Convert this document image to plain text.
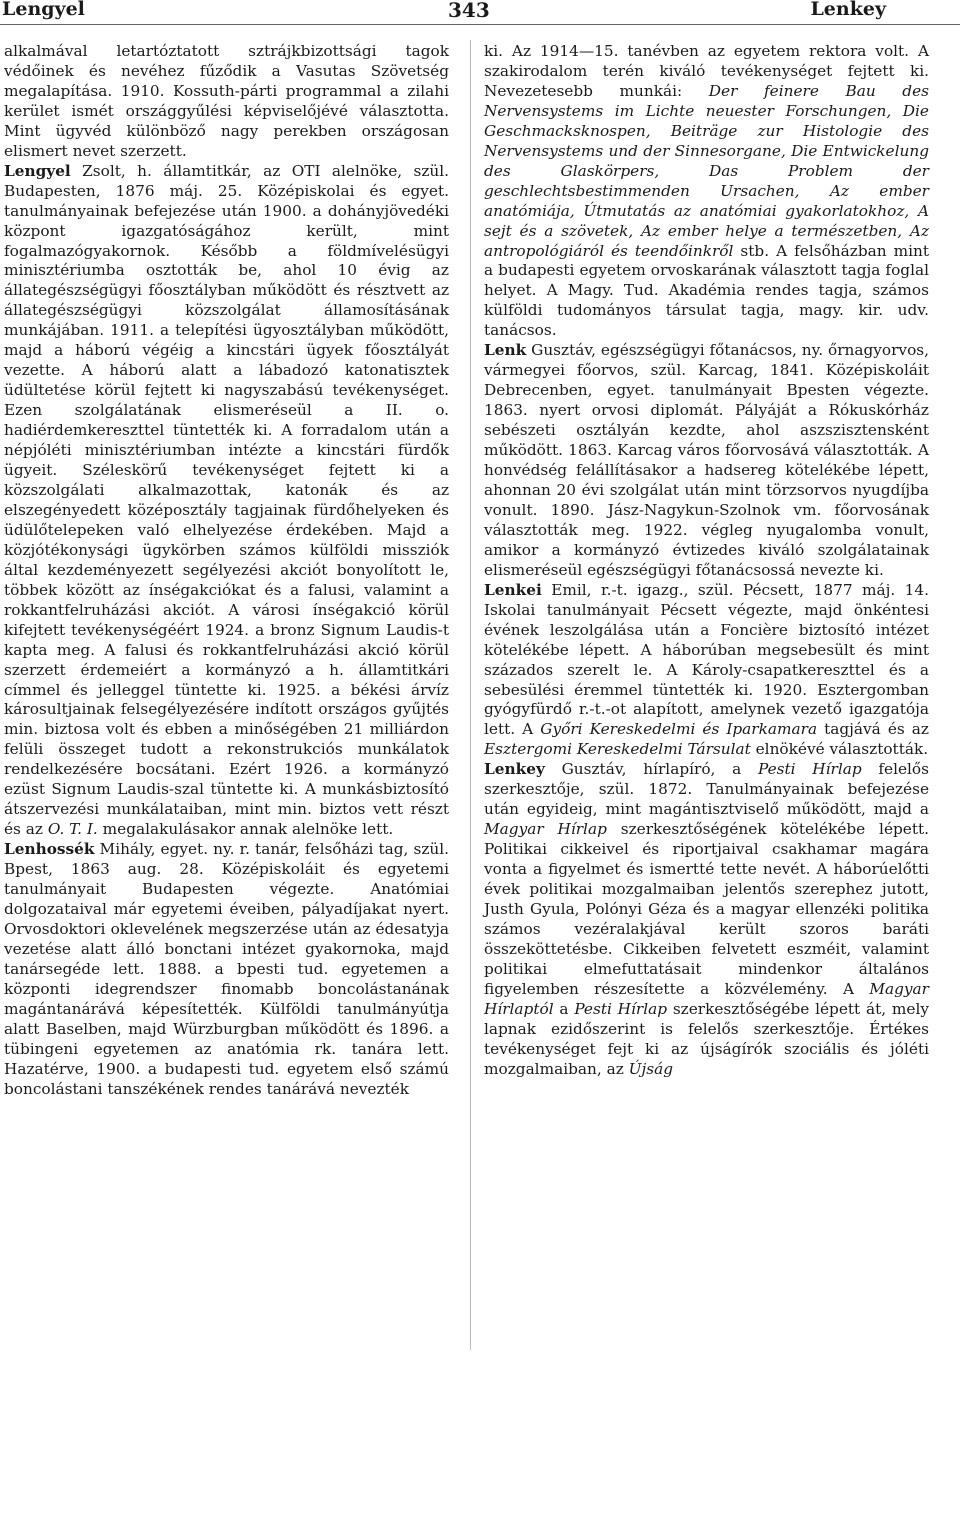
Lengyel	343	Lenkey

alkalmával letartóztatott sztrájkbizottsági tagok védőinek és nevéhez fűződik a Vasutas Szövetség megalapítása. 1910. Kossuth-párti programmal a zilahi kerület ismét országgyűlési képviselőjévé választotta. Mint ügyvéd különböző nagy perekben országosan elismert nevet szerzett.

Lengyel Zsolt, h. államtitkár, az OTI alelnöke, szül. Budapesten, 1876 máj. 25. Középiskolai és egyet. tanulmányainak befejezése után 1900. a dohányjövedéki központ igazgatóságához került, mint fogalmazógyakornok. Később a földmívelésügyi minisztériumba osztották be, ahol 10 évig az állategészségügyi főosztályban működött és résztvett az állategészségügyi közszolgálat államosításának munkájában. 1911. a telepítési ügyosztályban működött, majd a háború végéig a kincstári ügyek főosztályát vezette. A háború alatt a lábadozó katonatisztek üdültetése körül fejtett ki nagyszabású tevékenységet. Ezen szolgálatának elismeréseül a II. o. hadiérdemkereszttel tüntették ki. A forradalom után a népjóléti minisztériumban intézte a kincstári fürdők ügyeit. Széleskörű tevékenységet fejtett ki a közszolgálati alkalmazottak, katonák és az elszegényedett középosztály tagjainak fürdőhelyeken és üdülőtelepeken való elhelyezése érdekében. Majd a közjótékonysági ügykörben számos külföldi missziók által kezdeményezett segélyezési akciót bonyolított le, többek között az ínségakciókat és a falusi, valamint a rokkantfelruházási akciót. A városi ínségakció körül kifejtett tevékenységéért 1924. a bronz Signum Laudis-t kapta meg. A falusi és rokkantfelruházási akció körül szerzett érdemeiért a kormányzó a h. államtitkári címmel és jelleggel tüntette ki. 1925. a békési árvíz károsultjainak felsegélyezésére indított országos gyűjtés min. biztosa volt és ebben a minőségében 21 milliárdon felüli összeget tudott a rekonstrukciós munkálatok rendelkezésére bocsátani. Ezért 1926. a kormányzó ezüst Signum Laudis-szal tüntette ki. A munkásbiztosító átszervezési munkálataiban, mint min. biztos vett részt és az O. T. I. megalakulásakor annak alelnöke lett.

Lenhossék Mihály, egyet. ny. r. tanár, felsőházi tag, szül. Bpest, 1863 aug. 28. Középiskoláit és egyetemi tanulmányait Budapesten végezte. Anatómiai dolgozataival már egyetemi éveiben, pályadíjakat nyert. Orvosdoktori oklevelének megszerzése után az édesatyja vezetése alatt álló bonctani intézet gyakornoka, majd tanársegéde lett. 1888. a bpesti tud. egyetemen a központi idegrendszer finomabb boncolástanának magántanárává képesítették. Külföldi tanulmányútja alatt Baselben, majd Würzburgban működött és 1896. a tübingeni egyetemen az anatómia rk. tanára lett. Hazatérve, 1900. a budapesti tud. egyetem első számú boncolástani tanszékének rendes tanárává nevezték

ki. Az 1914—15. tanévben az egyetem rektora volt. A szakirodalom terén kiváló tevékenységet fejtett ki. Nevezetesebb munkái: Der feinere Bau des Nervensystems im Lichte neuester Forschungen, Die Geschmacksknospen, Beiträge zur Histologie des Nervensystems und der Sinnesorgane, Die Entwickelung des Glaskörpers, Das Problem der geschlechtsbestimmenden Ursachen, Az ember anatómiája, Útmutatás az anatómiai gyakorlatokhoz, A sejt és a szövetek, Az ember helye a természetben, Az antropológiáról és teendőinkről stb. A felsőházban mint a budapesti egyetem orvoskarának választott tagja foglal helyet. A Magy. Tud. Akadémia rendes tagja, számos külföldi tudományos társulat tagja, magy. kir. udv. tanácsos.

Lenk Gusztáv, egészségügyi főtanácsos, ny. őrnagyorvos, vármegyei főorvos, szül. Karcag, 1841. Középiskoláit Debrecenben, egyet. tanulmányait Bpesten végezte. 1863. nyert orvosi diplomát. Pályáját a Rókuskórház sebészeti osztályán kezdte, ahol aszszisztensként működött. 1863. Karcag város főorvosává választották. A honvédség felállításakor a hadsereg kötelékébe lépett, ahonnan 20 évi szolgálat után mint törzsorvos nyugdíjba vonult. 1890. Jász-Nagykun-Szolnok vm. főorvosának választották meg. 1922. végleg nyugalomba vonult, amikor a kormányzó évtizedes kiváló szolgálatainak elismeréseül egészségügyi főtanácsossá nevezte ki.

Lenkei Emil, r.-t. igazg., szül. Pécsett, 1877 máj. 14. Iskolai tanulmányait Pécsett végezte, majd önkéntesi évének leszolgálása után a Foncière biztosító intézet kötelékébe lépett. A háborúban megsebesült és mint százados szerelt le. A Károly-csapatkereszttel és a sebesülési éremmel tüntették ki. 1920. Esztergomban gyógyfürdő r.-t.-ot alapított, amelynek vezető igazgatója lett. A Győri Kereskedelmi és Iparkamara tagjává és az Esztergomi Kereskedelmi Társulat elnökévé választották.

Lenkey Gusztáv, hírlapíró, a Pesti Hírlap felelős szerkesztője, szül. 1872. Tanulmányainak befejezése után egyideig, mint magántisztviselő működött, majd a Magyar Hírlap szerkesztőségének kötelékébe lépett. Politikai cikkeivel és riportjaival csakhamar magára vonta a figyelmet és ismertté tette nevét. A háborúelőtti évek politikai mozgalmaiban jelentős szerephez jutott, Justh Gyula, Polónyi Géza és a magyar ellenzéki politika számos vezéralakjával került szoros baráti összeköttetésbe. Cikkeiben felvetett eszméit, valamint politikai elmefuttatásait mindenkor általános figyelemben részesítette a közvélemény. A Magyar Hírlaptól a Pesti Hírlap szerkesztőségébe lépett át, mely lapnak ezidőszerint is felelős szerkesztője. Értékes tevékenységet fejt ki az újságírók szociális és jóléti mozgalmaiban, az Újság
